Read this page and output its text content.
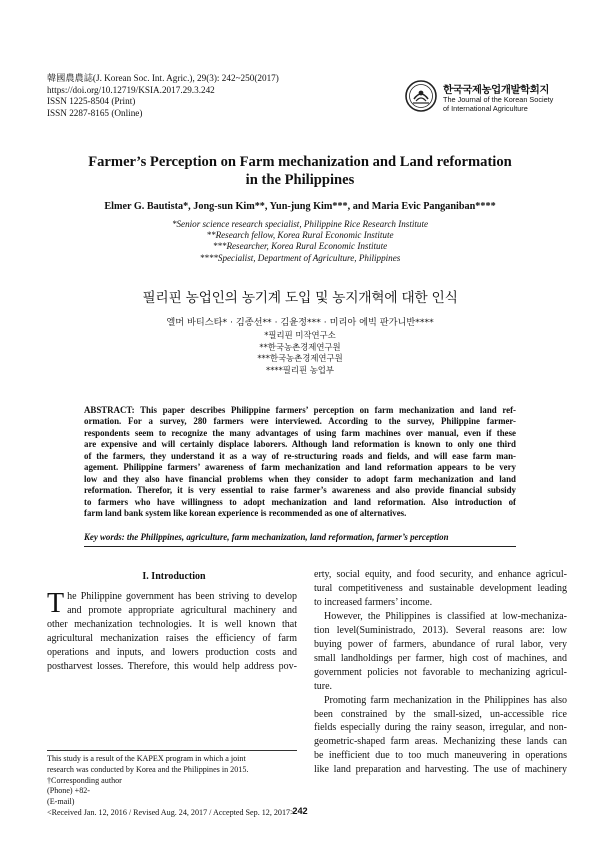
韓國農農誌(J. Korean Soc. Int. Agric.), 29(3): 242~250(2017)
https://doi.org/10.12719/KSIA.2017.29.3.242
ISSN 1225-8504 (Print)
ISSN 2287-8165 (Online)
한국국제농업개발학회지
The Journal of the Korean Society
of International Agriculture
Farmer’s Perception on Farm mechanization and Land reformation
in the Philippines
Elmer G. Bautista*, Jong-sun Kim**, Yun-jung Kim***, and Maria Evic Panganiban****
*Senior science research specialist, Philippine Rice Research Institute
**Research fellow, Korea Rural Economic Institute
***Researcher, Korea Rural Economic Institute
****Specialist, Department of Agriculture, Philippines
필리핀 농업인의 농기계 도입 및 농지개혁에 대한 인식
엘머 바티스타* · 김종선** · 김윤정*** · 미리아 에빅 판가니반****
*필리핀 미작연구소
**한국농촌경제연구원
***한국농촌경제연구원
****필리핀 농업부

ABSTRACT: This paper describes Philippine farmers’ perception on farm mechanization and land ref-

ormation. For a survey, 280 farmers were interviewed. According to the survey, Philippine farmer-

respondents seem to recognize the many advantages of using farm machines over manual, even if these

are expensive and will certainly displace laborers. Although land reformation is known to only one third

of the farmers, they understand it as a way of re-structuring roads and fields, and will ease farm man-

agement. Philippine farmers’ awareness of farm mechanization and land reformation appears to be very

low and they also have financial problems when they consider to adopt farm mechanization and land

reformation. Therefor, it is very essential to raise farmer’s awareness and also provide financial subsidy

to farmers who have willingness to adopt mechanization and land reformation. Also introduction of

farm land bank system like korean experience is recommended as one of alternatives.

Key words: the Philippines, agriculture, farm mechanization, land reformation, farmer’s perception
I. Introduction
T he Philippine government has been striving to develop

and promote appropriate agricultural machinery and

other mechanization technologies. It is well known that

agricultural mechanization raises the efficiency of farm

operations and inputs, and lowers production costs and

postharvest losses. Therefore, this would help address pov-

erty, social equity, and food security, and enhance agricul-

tural competitiveness and sustainable development leading

to increased farmers’ income.

However, the Philippines is classified at low-mechaniza-

tion level(Suministrado, 2013). Several reasons are: low

buying power of farmers, abundance of rural labor, very

small landholdings per farmer, high cost of machines, and

government policies not favorable to mechanizing agricul-

ture.

Promoting farm mechanization in the Philippines has also

been constrained by the small-sized, un-accessible rice

fields especially during the rainy season, irregular, and non-

geometric-shaped farm areas. Mechanizing these lands can

be inefficient due to too much maneuvering in operations

like land preparation and harvesting. The use of machinery

This study is a result of the KAPEX program in which a joint
research was conducted by Korea and the Philippines in 2015.
†Corresponding author
(Phone) +82-
(E-mail)
<Received Jan. 12, 2016 / Revised Aug. 24, 2017 / Accepted Sep. 12, 2017>
242
